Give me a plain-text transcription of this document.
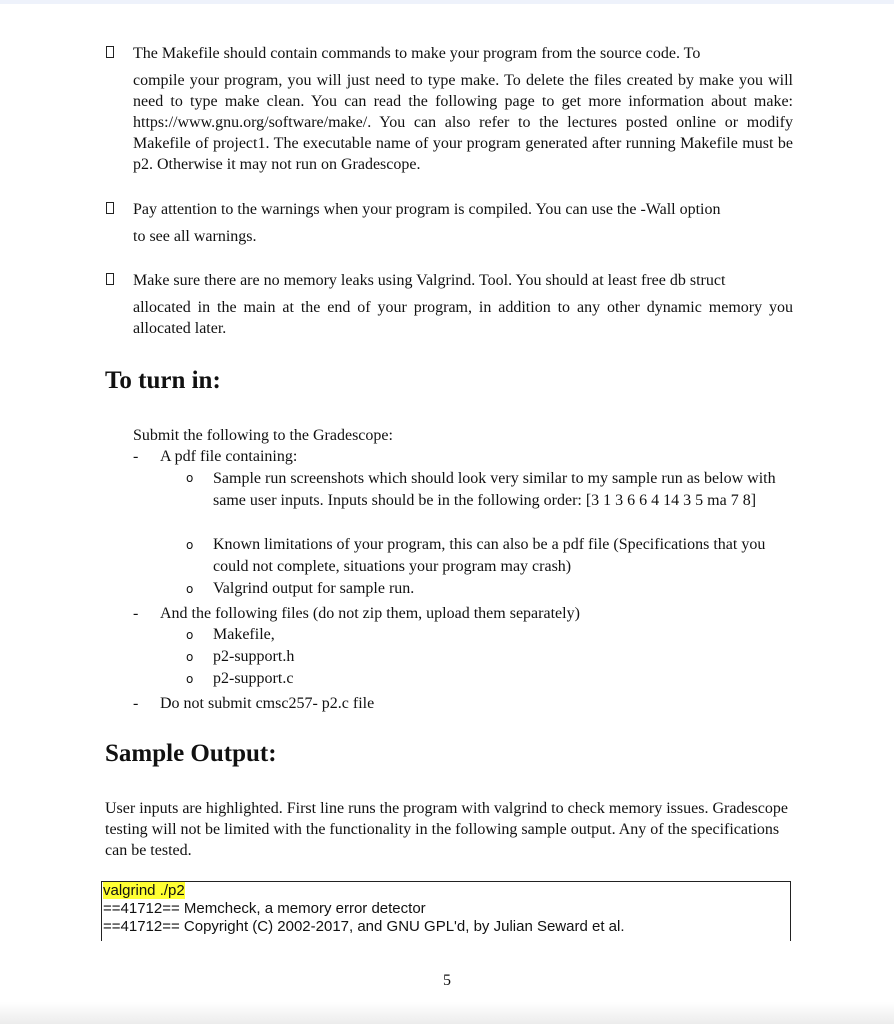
The Makefile should contain commands to make your program from the source code. To
compile your program, you will just need to type make. To delete the files created by make you will need to type make clean. You can read the following page to get more information about make: https://www.gnu.org/software/make/. You can also refer to the lectures posted online or modify Makefile of project1. The executable name of your program generated after running Makefile must be p2. Otherwise it may not run on Gradescope.
Pay attention to the warnings when your program is compiled. You can use the -Wall option
to see all warnings.
Make sure there are no memory leaks using Valgrind. Tool. You should at least free db struct
allocated in the main at the end of your program, in addition to any other dynamic memory you allocated later.
To turn in:
Submit the following to the Gradescope:
- A pdf file containing:
o Sample run screenshots which should look very similar to my sample run as below with same user inputs. Inputs should be in the following order: [3 1 3 6 6 4 14 3 5 ma 7 8]
o Known limitations of your program, this can also be a pdf file (Specifications that you could not complete, situations your program may crash)
o Valgrind output for sample run.
- And the following files (do not zip them, upload them separately)
o Makefile,
o p2-support.h
o p2-support.c
- Do not submit cmsc257- p2.c file
Sample Output:
User inputs are highlighted. First line runs the program with valgrind to check memory issues. Gradescope testing will not be limited with the functionality in the following sample output. Any of the specifications can be tested.
valgrind ./p2
==41712== Memcheck, a memory error detector
==41712== Copyright (C) 2002-2017, and GNU GPL'd, by Julian Seward et al.
5
